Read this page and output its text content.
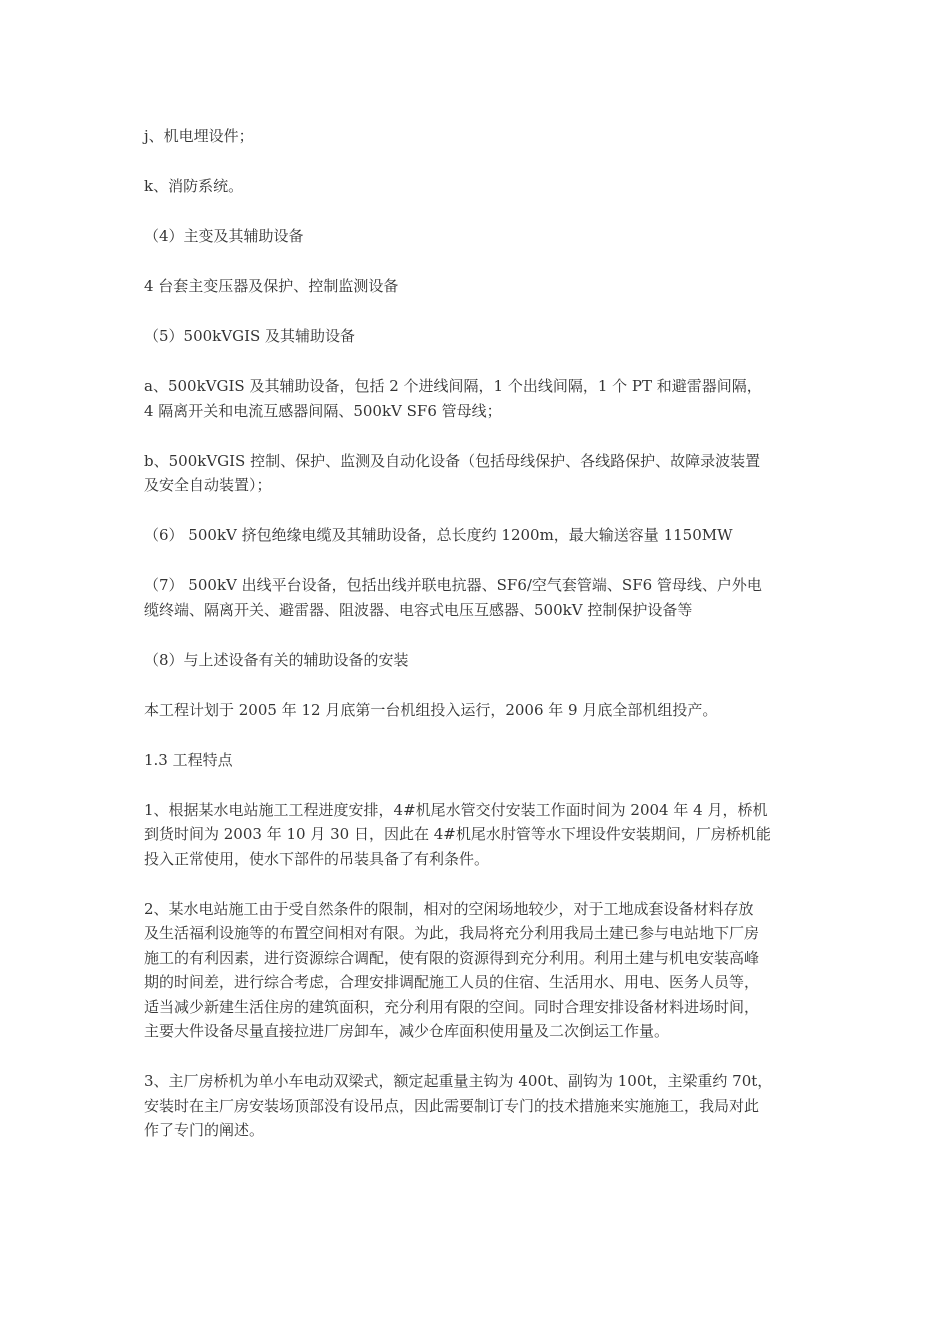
j、机电埋设件；

k、消防系统。

（4）主变及其辅助设备

4 台套主变压器及保护、控制监测设备

（5）500kVGIS 及其辅助设备

a、500kVGIS 及其辅助设备，包括 2 个进线间隔，1 个出线间隔，1 个 PT 和避雷器间隔，
4 隔离开关和电流互感器间隔、500kV SF6 管母线；

b、500kVGIS 控制、保护、监测及自动化设备（包括母线保护、各线路保护、故障录波装置
及安全自动装置）；

（6） 500kV 挤包绝缘电缆及其辅助设备，总长度约 1200m，最大输送容量 1150MW

（7） 500kV 出线平台设备，包括出线并联电抗器、SF6/空气套管端、SF6 管母线、户外电
缆终端、隔离开关、避雷器、阻波器、电容式电压互感器、500kV 控制保护设备等

（8）与上述设备有关的辅助设备的安装

本工程计划于 2005 年 12 月底第一台机组投入运行，2006 年 9 月底全部机组投产。

1.3 工程特点

1、根据某水电站施工工程进度安排，4#机尾水管交付安装工作面时间为 2004 年 4 月，桥机
到货时间为 2003 年 10 月 30 日，因此在 4#机尾水肘管等水下埋设件安装期间，厂房桥机能
投入正常使用，使水下部件的吊装具备了有利条件。

2、某水电站施工由于受自然条件的限制，相对的空闲场地较少，对于工地成套设备材料存放
及生活福利设施等的布置空间相对有限。为此，我局将充分利用我局土建已参与电站地下厂房
施工的有利因素，进行资源综合调配，使有限的资源得到充分利用。利用土建与机电安装高峰
期的时间差，进行综合考虑，合理安排调配施工人员的住宿、生活用水、用电、医务人员等，
适当减少新建生活住房的建筑面积，充分利用有限的空间。同时合理安排设备材料进场时间，
主要大件设备尽量直接拉进厂房卸车，减少仓库面积使用量及二次倒运工作量。

3、主厂房桥机为单小车电动双梁式，额定起重量主钩为 400t、副钩为 100t，主梁重约 70t，
安装时在主厂房安装场顶部没有设吊点，因此需要制订专门的技术措施来实施施工，我局对此
作了专门的阐述。
